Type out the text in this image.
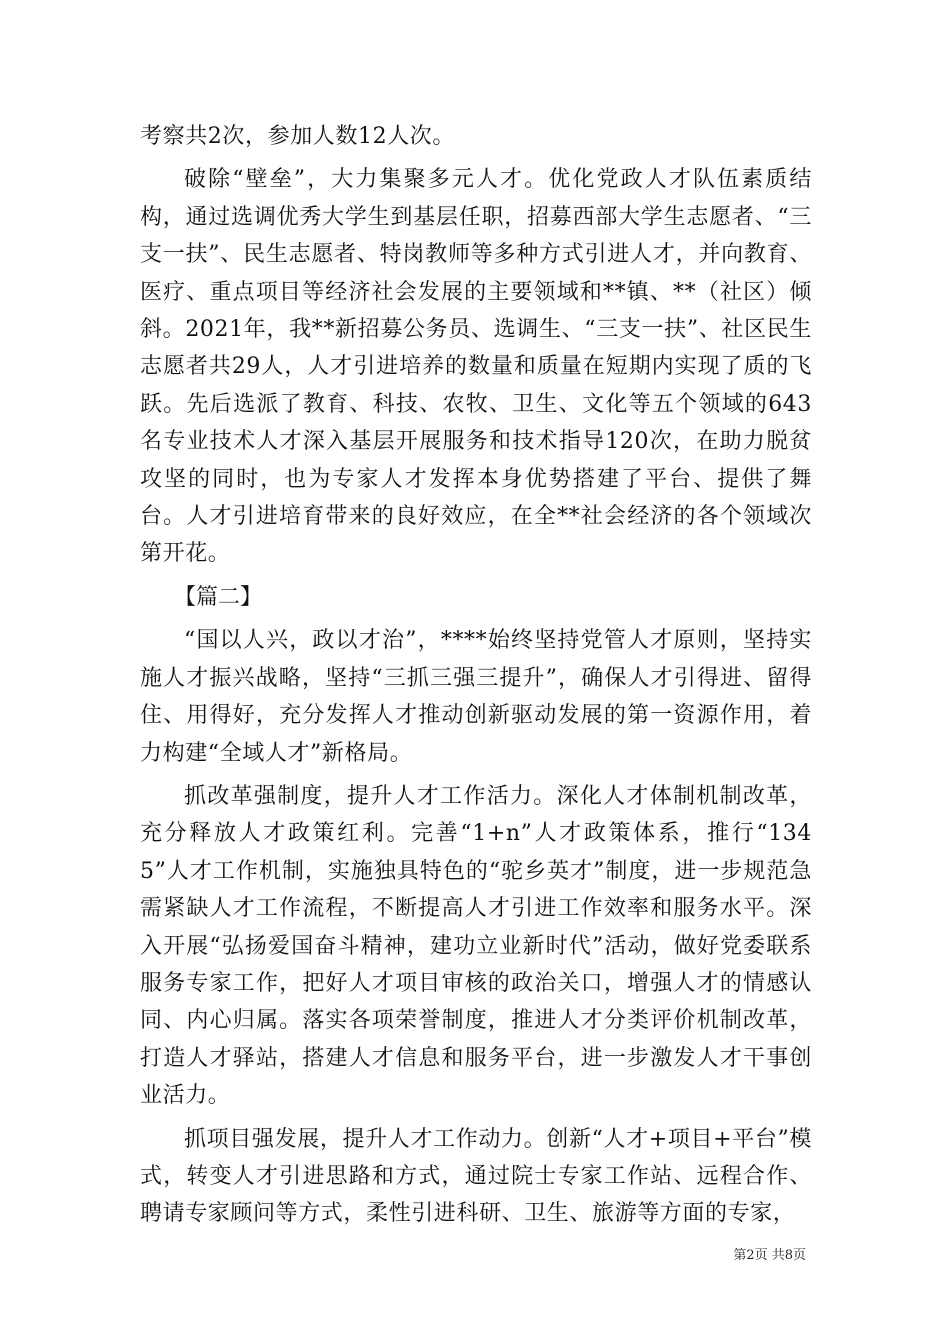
考察共2次，参加人数12人次。

破除“壁垒”，大力集聚多元人才。优化党政人才队伍素质结构，通过选调优秀大学生到基层任职，招募西部大学生志愿者、“三支一扶”、民生志愿者、特岗教师等多种方式引进人才，并向教育、医疗、重点项目等经济社会发展的主要领域和**镇、**（社区）倾斜。2021年，我**新招募公务员、选调生、“三支一扶”、社区民生志愿者共29人，人才引进培养的数量和质量在短期内实现了质的飞跃。先后选派了教育、科技、农牧、卫生、文化等五个领域的643名专业技术人才深入基层开展服务和技术指导120次，在助力脱贫攻坚的同时，也为专家人才发挥本身优势搭建了平台、提供了舞台。人才引进培育带来的良好效应，在全**社会经济的各个领域次第开花。

【篇二】

“国以人兴，政以才治”，****始终坚持党管人才原则，坚持实施人才振兴战略，坚持“三抓三强三提升”，确保人才引得进、留得住、用得好，充分发挥人才推动创新驱动发展的第一资源作用，着力构建“全域人才”新格局。

抓改革强制度，提升人才工作活力。深化人才体制机制改革，充分释放人才政策红利。完善“1+n”人才政策体系，推行“1345”人才工作机制，实施独具特色的“驼乡英才”制度，进一步规范急需紧缺人才工作流程，不断提高人才引进工作效率和服务水平。深入开展“弘扬爱国奋斗精神，建功立业新时代”活动，做好党委联系服务专家工作，把好人才项目审核的政治关口，增强人才的情感认同、内心归属。落实各项荣誉制度，推进人才分类评价机制改革，打造人才驿站，搭建人才信息和服务平台，进一步激发人才干事创业活力。

抓项目强发展，提升人才工作动力。创新“人才+项目+平台”模式，转变人才引进思路和方式，通过院士专家工作站、远程合作、聘请专家顾问等方式，柔性引进科研、卫生、旅游等方面的专家，

第2页 共8页
